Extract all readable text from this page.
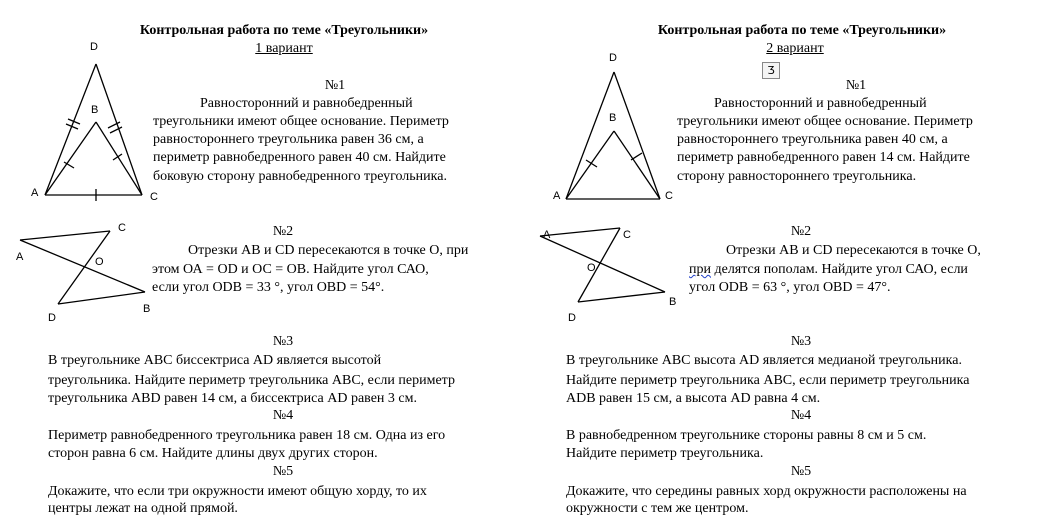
Контрольная работа по теме «Треугольники»
1 вариант
№1
Равносторонний и равнобедренный
треугольники имеют общее основание. Периметр
равностороннего треугольника равен 36 см, а
периметр равнобедренного равен 40 см. Найдите
боковую сторону равнобедренного треугольника.
№2
Отрезки АВ и CD пересекаются в точке О, при
этом ОА = OD и ОС = ОВ. Найдите угол САО,
если угол ODB = 33 °, угол OBD = 54°.
№3
В треугольнике АВС биссектриса АD является высотой
треугольника. Найдите периметр треугольника АВС, если периметр
треугольника АВD равен 14 см, а биссектриса АD равен 3 см.
№4
Периметр равнобедренного треугольника равен 18 см. Одна из его
сторон равна 6 см. Найдите длины двух других сторон.
№5
Докажите, что если три окружности имеют общую хорду, то их
центры лежат на одной прямой.
D
B
A	C
C
A	O
D
B
Контрольная работа по теме «Треугольники»
2 вариант
Ʒ
№1
Равносторонний и равнобедренный
треугольники имеют общее основание. Периметр
равностороннего треугольника равен 40 см, а
периметр равнобедренного равен 14 см. Найдите
сторону равностороннего треугольника.
№2
Отрезки АВ и CD пересекаются в точке О,
при делятся пополам. Найдите угол САО, если
угол ODB = 63 °, угол OBD = 47°.
№3
В треугольнике АВС высота АD является медианой треугольника.
Найдите периметр треугольника АВС, если периметр треугольника
АDВ равен 15 см, а высота АD равна 4 см.
№4
В равнобедренном треугольнике стороны равны 8 см и 5 см.
Найдите периметр треугольника.
№5
Докажите, что середины равных хорд окружности расположены на
окружности с тем же центром.
D
B
A	C
A	C
O
D
B
